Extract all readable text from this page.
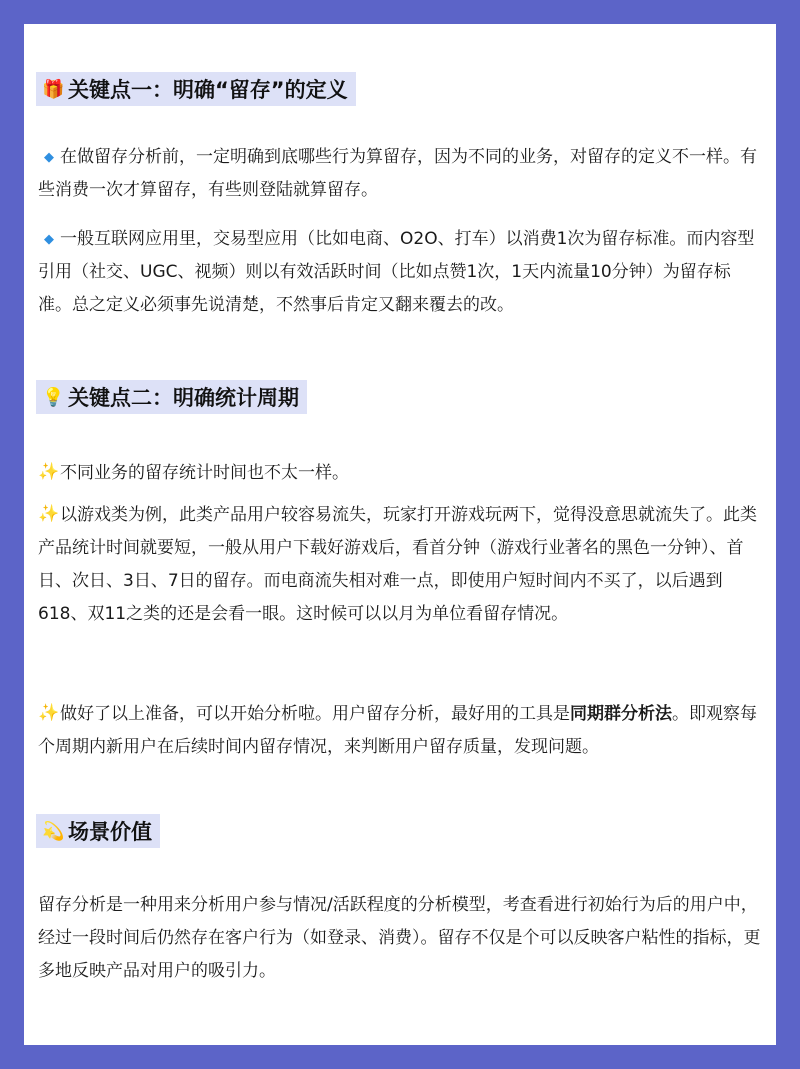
🎁 关键点一：明确“留存”的定义

◆ 在做留存分析前，一定明确到底哪些行为算留存，因为不同的业务，对留存的定义不一样。有些消费一次才算留存，有些则登陆就算留存。

◆ 一般互联网应用里，交易型应用（比如电商、O2O、打车）以消费1次为留存标准。而内容型引用（社交、UGC、视频）则以有效活跃时间（比如点赞1次，1天内流量10分钟）为留存标准。总之定义必须事先说清楚，不然事后肯定又翻来覆去的改。

💡 关键点二：明确统计周期

✨不同业务的留存统计时间也不太一样。

✨以游戏类为例，此类产品用户较容易流失，玩家打开游戏玩两下，觉得没意思就流失了。此类产品统计时间就要短，一般从用户下载好游戏后，看首分钟（游戏行业著名的黑色一分钟）、首日、次日、3日、7日的留存。而电商流失相对难一点，即使用户短时间内不买了，以后遇到618、双11之类的还是会看一眼。这时候可以以月为单位看留存情况。

✨做好了以上准备，可以开始分析啦。用户留存分析，最好用的工具是同期群分析法。即观察每个周期内新用户在后续时间内留存情况，来判断用户留存质量，发现问题。

💫 场景价值

留存分析是一种用来分析用户参与情况/活跃程度的分析模型，考查看进行初始行为后的用户中， 经过一段时间后仍然存在客户行为（如登录、消费）。留存不仅是个可以反映客户粘性的指标，更多地反映产品对用户的吸引力。
